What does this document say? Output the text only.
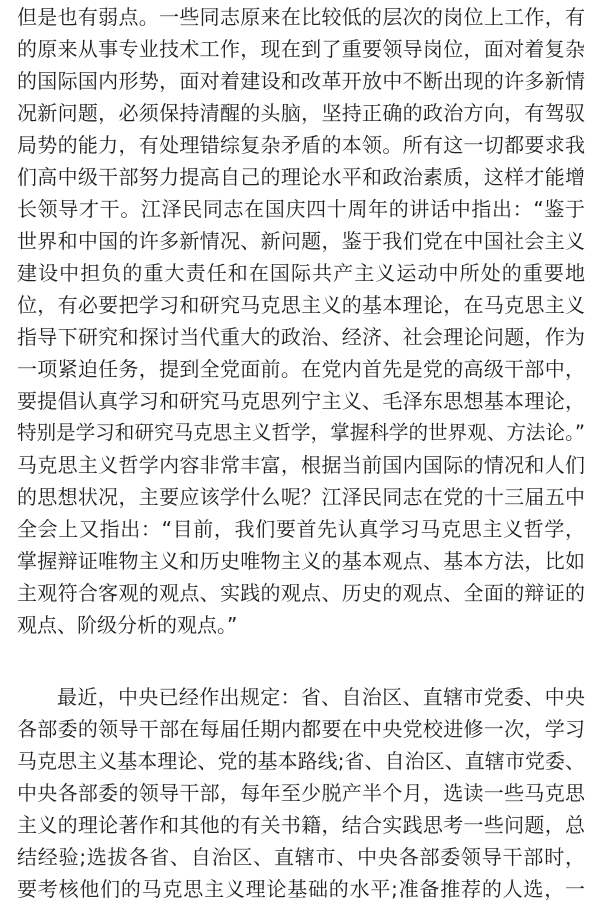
但是也有弱点。一些同志原来在比较低的层次的岗位上工作，有
的原来从事专业技术工作，现在到了重要领导岗位，面对着复杂
的国际国内形势，面对着建设和改革开放中不断出现的许多新情
况新问题，必须保持清醒的头脑，坚持正确的政治方向，有驾驭
局势的能力，有处理错综复杂矛盾的本领。所有这一切都要求我
们高中级干部努力提高自己的理论水平和政治素质，这样才能增
长领导才干。江泽民同志在国庆四十周年的讲话中指出：“鉴于
世界和中国的许多新情况、新问题，鉴于我们党在中国社会主义
建设中担负的重大责任和在国际共产主义运动中所处的重要地
位，有必要把学习和研究马克思主义的基本理论，在马克思主义
指导下研究和探讨当代重大的政治、经济、社会理论问题，作为
一项紧迫任务，提到全党面前。在党内首先是党的高级干部中，
要提倡认真学习和研究马克思列宁主义、毛泽东思想基本理论，
特别是学习和研究马克思主义哲学，掌握科学的世界观、方法论。”
马克思主义哲学内容非常丰富，根据当前国内国际的情况和人们
的思想状况，主要应该学什么呢？江泽民同志在党的十三届五中
全会上又指出：“目前，我们要首先认真学习马克思主义哲学，
掌握辩证唯物主义和历史唯物主义的基本观点、基本方法，比如
主观符合客观的观点、实践的观点、历史的观点、全面的辩证的
观点、阶级分析的观点。”
最近，中央已经作出规定：省、自治区、直辖市党委、中央
各部委的领导干部在每届任期内都要在中央党校进修一次，学习
马克思主义基本理论、党的基本路线;省、自治区、直辖市党委、
中央各部委的领导干部，每年至少脱产半个月，选读一些马克思
主义的理论著作和其他的有关书籍，结合实践思考一些问题，总
结经验;选拔各省、自治区、直辖市、中央各部委领导干部时，
要考核他们的马克思主义理论基础的水平;准备推荐的人选，一
